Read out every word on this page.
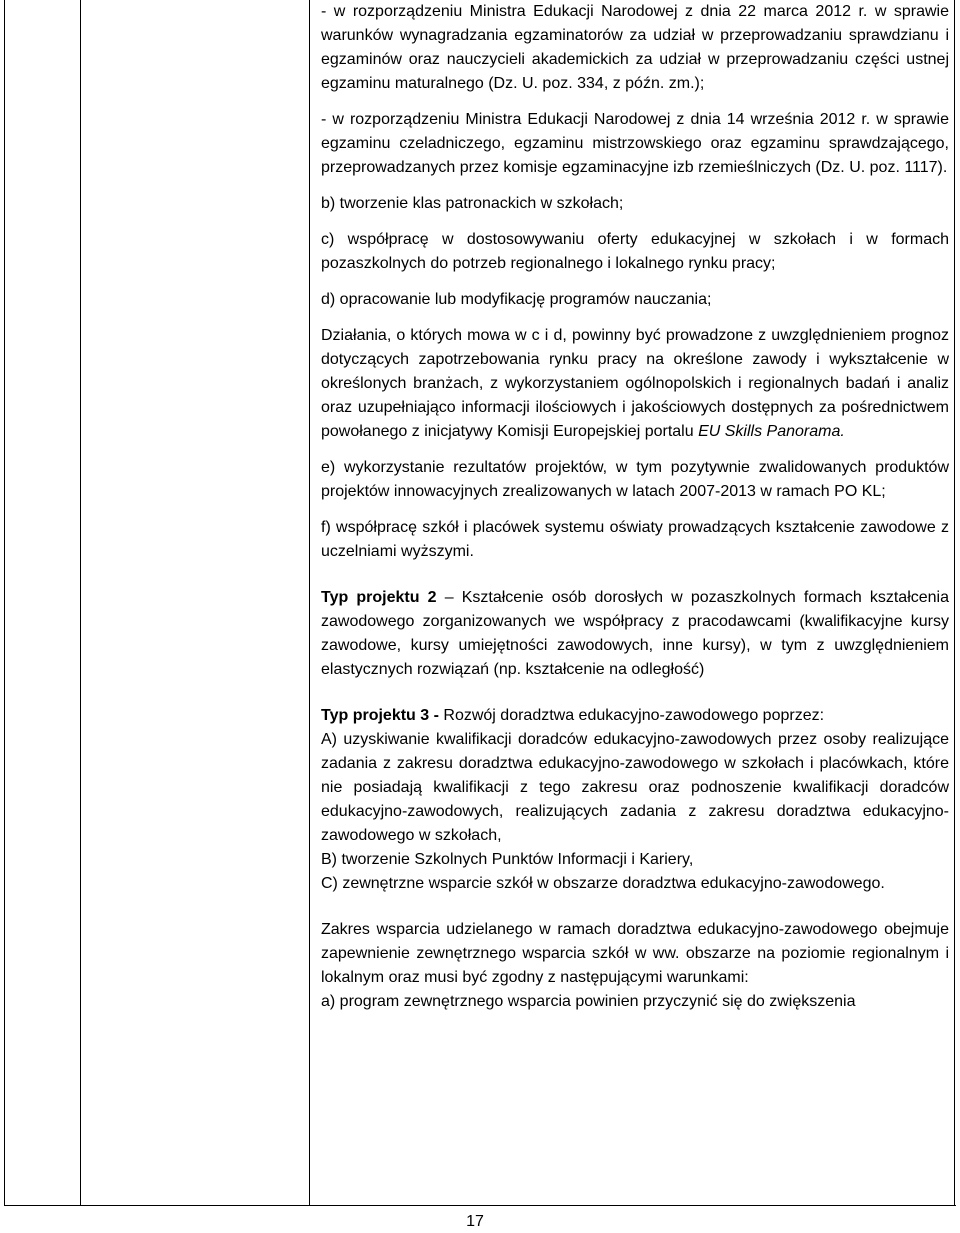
- w rozporządzeniu Ministra Edukacji Narodowej z dnia 22 marca 2012 r. w sprawie warunków wynagradzania egzaminatorów za udział w przeprowadzaniu sprawdzianu i egzaminów oraz nauczycieli akademickich za udział w przeprowadzaniu części ustnej egzaminu maturalnego (Dz. U. poz. 334, z późn. zm.);

- w rozporządzeniu Ministra Edukacji Narodowej z dnia 14 września 2012 r. w sprawie egzaminu czeladniczego, egzaminu mistrzowskiego oraz egzaminu sprawdzającego, przeprowadzanych przez komisje egzaminacyjne izb rzemieślniczych (Dz. U. poz. 1117).

b) tworzenie klas patronackich w szkołach;

c) współpracę w dostosowywaniu oferty edukacyjnej w szkołach i w formach pozaszkolnych do potrzeb regionalnego i lokalnego rynku pracy;

d) opracowanie lub modyfikację programów nauczania;

Działania, o których mowa w c i d, powinny być prowadzone z uwzględnieniem prognoz dotyczących zapotrzebowania rynku pracy na określone zawody i wykształcenie w określonych branżach, z wykorzystaniem ogólnopolskich i regionalnych badań i analiz oraz uzupełniająco informacji ilościowych i jakościowych dostępnych za pośrednictwem powołanego z inicjatywy Komisji Europejskiej portalu EU Skills Panorama.

e) wykorzystanie rezultatów projektów, w tym pozytywnie zwalidowanych produktów projektów innowacyjnych zrealizowanych w latach 2007-2013 w ramach PO KL;

f) współpracę szkół i placówek systemu oświaty prowadzących kształcenie zawodowe z uczelniami wyższymi.

Typ projektu 2 – Kształcenie osób dorosłych w pozaszkolnych formach kształcenia zawodowego zorganizowanych we współpracy z pracodawcami (kwalifikacyjne kursy zawodowe, kursy umiejętności zawodowych, inne kursy), w tym z uwzględnieniem elastycznych rozwiązań (np. kształcenie na odległość)

Typ projektu 3 - Rozwój doradztwa edukacyjno-zawodowego poprzez:

A) uzyskiwanie kwalifikacji doradców edukacyjno-zawodowych przez osoby realizujące zadania z zakresu doradztwa edukacyjno-zawodowego w szkołach i placówkach, które nie posiadają kwalifikacji z tego zakresu oraz podnoszenie kwalifikacji doradców edukacyjno-zawodowych, realizujących zadania z zakresu doradztwa edukacyjno-zawodowego w szkołach,

B) tworzenie Szkolnych Punktów Informacji i Kariery,

C) zewnętrzne wsparcie szkół w obszarze doradztwa edukacyjno-zawodowego.

Zakres wsparcia udzielanego w ramach doradztwa edukacyjno-zawodowego obejmuje zapewnienie zewnętrznego wsparcia szkół w ww. obszarze na poziomie regionalnym i lokalnym oraz musi być zgodny z następującymi warunkami:

a) program zewnętrznego wsparcia powinien przyczynić się do zwiększenia

17
